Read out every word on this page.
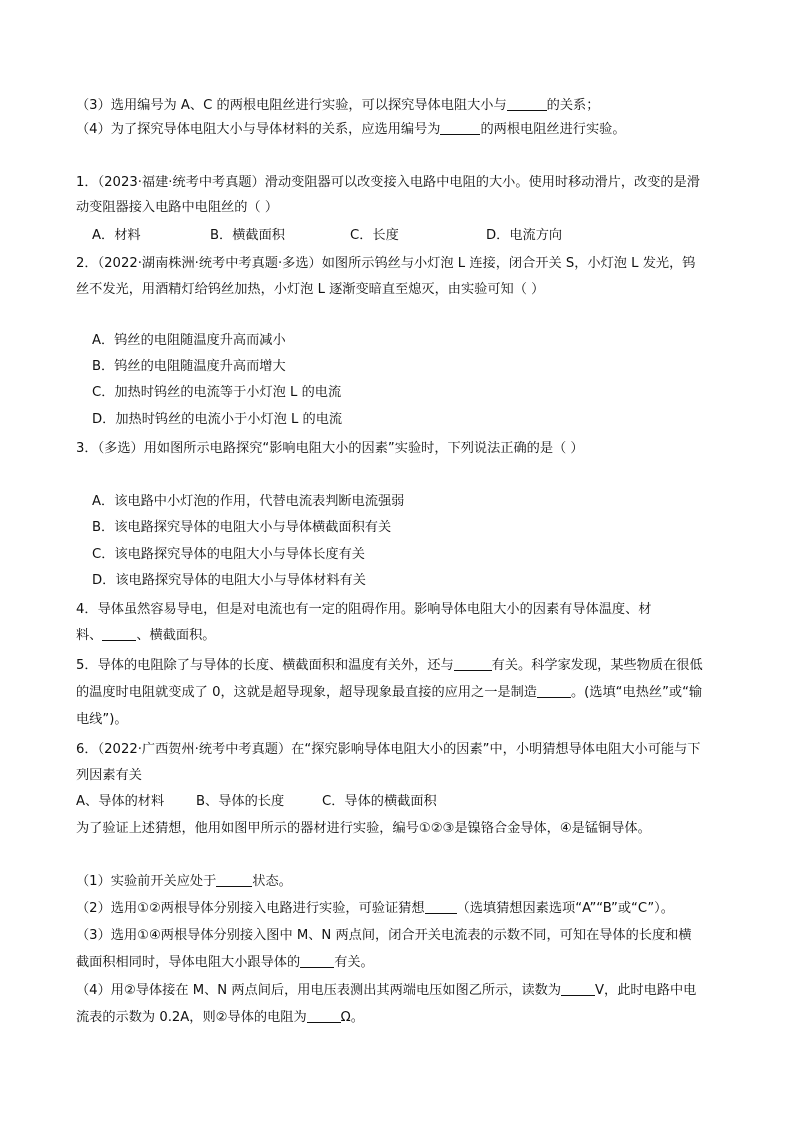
（3）选用编号为 A、C 的两根电阻丝进行实验，可以探究导体电阻大小与	的关系；
（4）为了探究导体电阻大小与导体材料的关系，应选用编号为	的两根电阻丝进行实验。
1．（2023·福建·统考中考真题）滑动变阻器可以改变接入电路中电阻的大小。使用时移动滑片，改变的是滑
动变阻器接入电路中电阻丝的（ ）
A．材料	B．横截面积	C．长度	D．电流方向
2．（2022·湖南株洲·统考中考真题·多选）如图所示钨丝与小灯泡 L 连接，闭合开关 S，小灯泡 L 发光，钨
丝不发光，用酒精灯给钨丝加热，小灯泡 L 逐渐变暗直至熄灭，由实验可知（ ）
A．钨丝的电阻随温度升高而减小
B．钨丝的电阻随温度升高而增大
C．加热时钨丝的电流等于小灯泡 L 的电流
D．加热时钨丝的电流小于小灯泡 L 的电流
3．（多选）用如图所示电路探究“影响电阻大小的因素”实验时，下列说法正确的是（ ）
A．该电路中小灯泡的作用，代替电流表判断电流强弱
B．该电路探究导体的电阻大小与导体横截面积有关
C．该电路探究导体的电阻大小与导体长度有关
D．该电路探究导体的电阻大小与导体材料有关
4．导体虽然容易导电，但是对电流也有一定的阻碍作用。影响导体电阻大小的因素有导体温度、材
料、	、横截面积。
5．导体的电阻除了与导体的长度、横截面积和温度有关外，还与	有关。科学家发现，某些物质在很低
的温度时电阻就变成了 0，这就是超导现象，超导现象最直接的应用之一是制造	。(选填“电热丝”或“输
电线”)。
6．（2022·广西贺州·统考中考真题）在“探究影响导体电阻大小的因素”中，小明猜想导体电阻大小可能与下
列因素有关
A、导体的材料 B、导体的长度	C．导体的横截面积
为了验证上述猜想，他用如图甲所示的器材进行实验，编号①②③是镍铬合金导体，④是锰铜导体。
（1）实验前开关应处于	状态。
（2）选用①②两根导体分别接入电路进行实验，可验证猜想 （选填猜想因素选项“A”“B”或“C”）。
（3）选用①④两根导体分别接入图中 M、N 两点间，闭合开关电流表的示数不同，可知在导体的长度和横
截面积相同时，导体电阻大小跟导体的	有关。
（4）用②导体接在 M、N 两点间后，用电压表测出其两端电压如图乙所示，读数为	V，此时电路中电
流表的示数为 0.2A，则②导体的电阻为	Ω。
